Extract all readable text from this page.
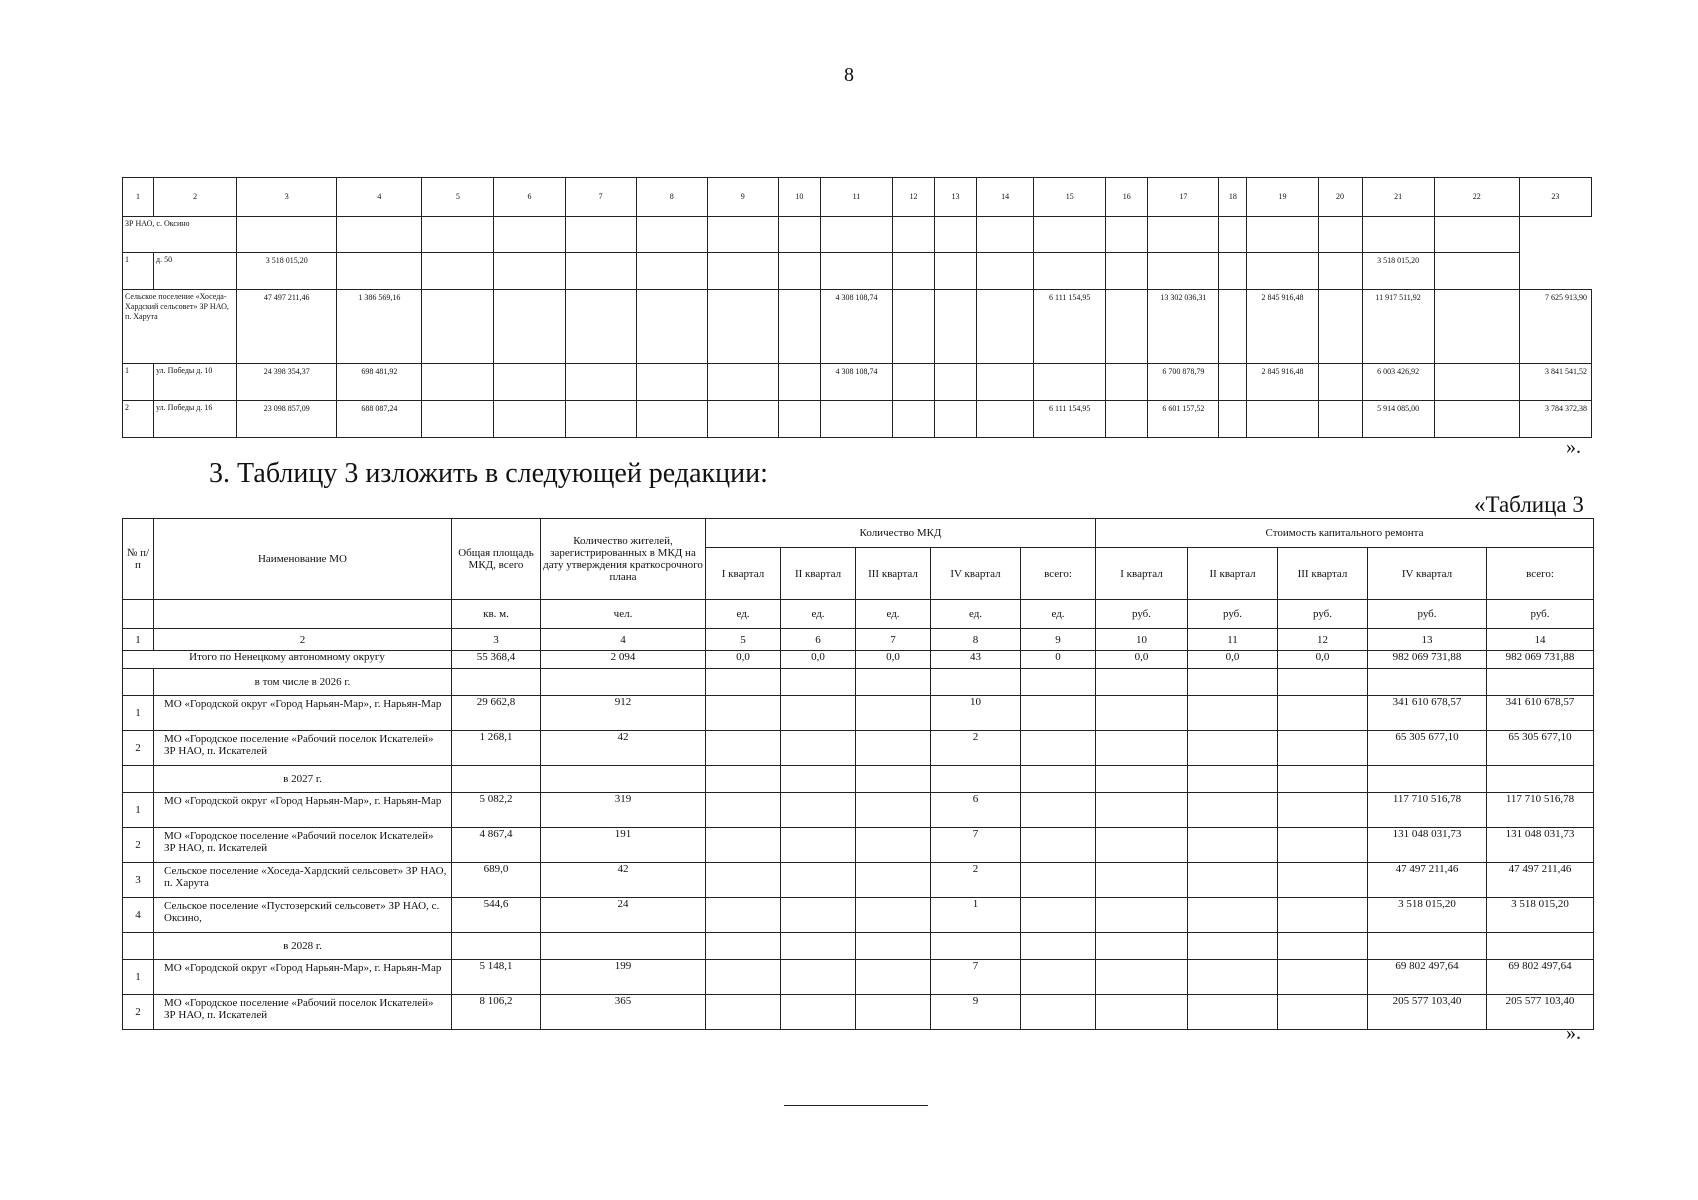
8
1	2	3	4	5	6	7	8	9	10	11	12	13	14	15	16	17	18	19	20	21	22	23
ЗР НАО, с. Оксино																						
1	д. 50	3 518 015,20																		3 518 015,20		
Сельское поселение «Хоседа-Хардский сельсовет» ЗР НАО, п. Харута		47 497 211,46	1 386 569,16							4 308 108,74				6 111 154,95		13 302 036,31		2 845 916,48		11 917 511,92		7 625 913,90
1	ул. Победы д. 10	24 398 354,37	698 481,92							4 308 108,74						6 700 878,79		2 845 916,48		6 003 426,92		3 841 541,52
2	ул. Победы д. 16	23 098 857,09	688 087,24											6 111 154,95		6 601 157,52				5 914 085,00		3 784 372,38
».
3. Таблицу 3 изложить в следующей редакции:
«Таблица 3
№ п/ п	Наименование МО	Общая площадь МКД, всего	Количество жителей, зарегистрированных в МКД на дату утверждения краткосрочного плана	Количество МКД					Стоимость капитального ремонта				
				I квартал	II квартал	III квартал	IV квартал	всего:	I квартал	II квартал	III квартал	IV квартал	всего:
		кв. м.	чел.	ед.	ед.	ед.	ед.	ед.	руб.	руб.	руб.	руб.	руб.
1	2	3	4	5	6	7	8	9	10	11	12	13	14
Итого по Ненецкому автономному округу		55 368,4	2 094	0,0	0,0	0,0	43	0	0,0	0,0	0,0	982 069 731,88	982 069 731,88
	в том числе в 2026 г.												
1	МО «Городской округ «Город Нарьян-Мар», г. Нарьян-Мар	29 662,8	912				10					341 610 678,57	341 610 678,57
2	МО «Городское поселение «Рабочий поселок Искателей» ЗР НАО, п. Искателей	1 268,1	42				2					65 305 677,10	65 305 677,10
	в 2027 г.												
1	МО «Городской округ «Город Нарьян-Мар», г. Нарьян-Мар	5 082,2	319				6					117 710 516,78	117 710 516,78
2	МО «Городское поселение «Рабочий поселок Искателей» ЗР НАО, п. Искателей	4 867,4	191				7					131 048 031,73	131 048 031,73
3	Сельское поселение «Хоседа-Хардский сельсовет» ЗР НАО, п. Харута	689,0	42				2					47 497 211,46	47 497 211,46
4	Сельское поселение «Пустозерский сельсовет» ЗР НАО, с. Оксино,	544,6	24				1					3 518 015,20	3 518 015,20
	в 2028 г.												
1	МО «Городской округ «Город Нарьян-Мар», г. Нарьян-Мар	5 148,1	199				7					69 802 497,64	69 802 497,64
2	МО «Городское поселение «Рабочий поселок Искателей» ЗР НАО, п. Искателей	8 106,2	365				9					205 577 103,40	205 577 103,40
».
